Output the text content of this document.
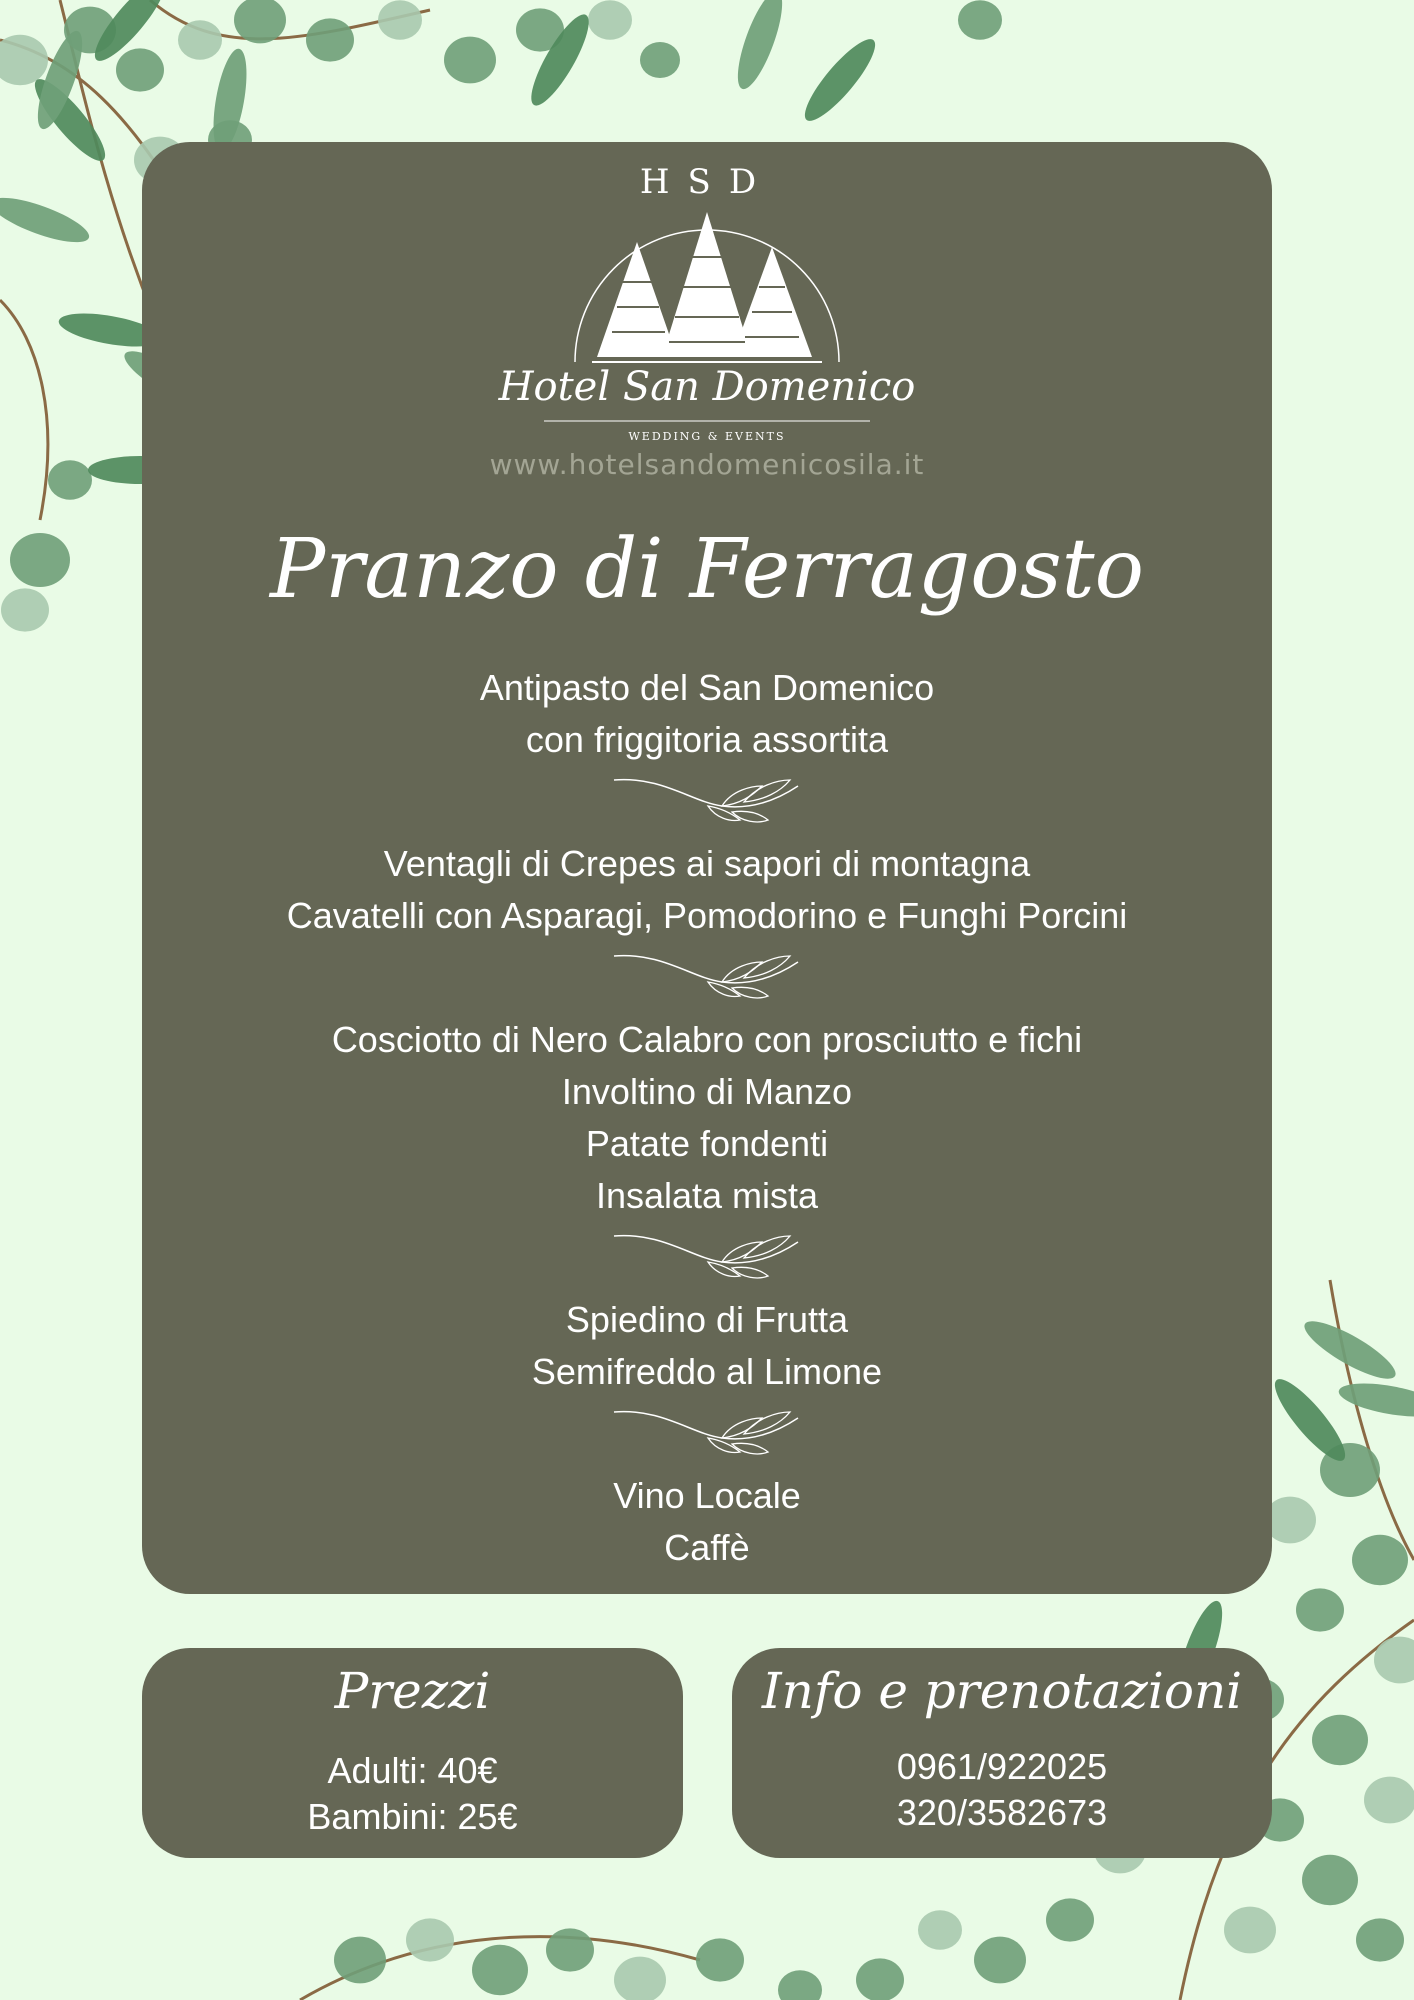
HSD
Hotel San Domenico
WEDDING & EVENTS
www.hotelsandomenicosila.it
Pranzo di Ferragosto
Antipasto del San Domenico
con friggitoria assortita
Ventagli di Crepes ai sapori di montagna
Cavatelli con Asparagi, Pomodorino e Funghi Porcini
Cosciotto di Nero Calabro con prosciutto e fichi
Involtino di Manzo
Patate fondenti
Insalata mista
Spiedino di Frutta
Semifreddo al Limone
Vino Locale
Caffè
Prezzi
Adulti: 40€
Bambini: 25€
Info e prenotazioni
0961/922025
320/3582673
